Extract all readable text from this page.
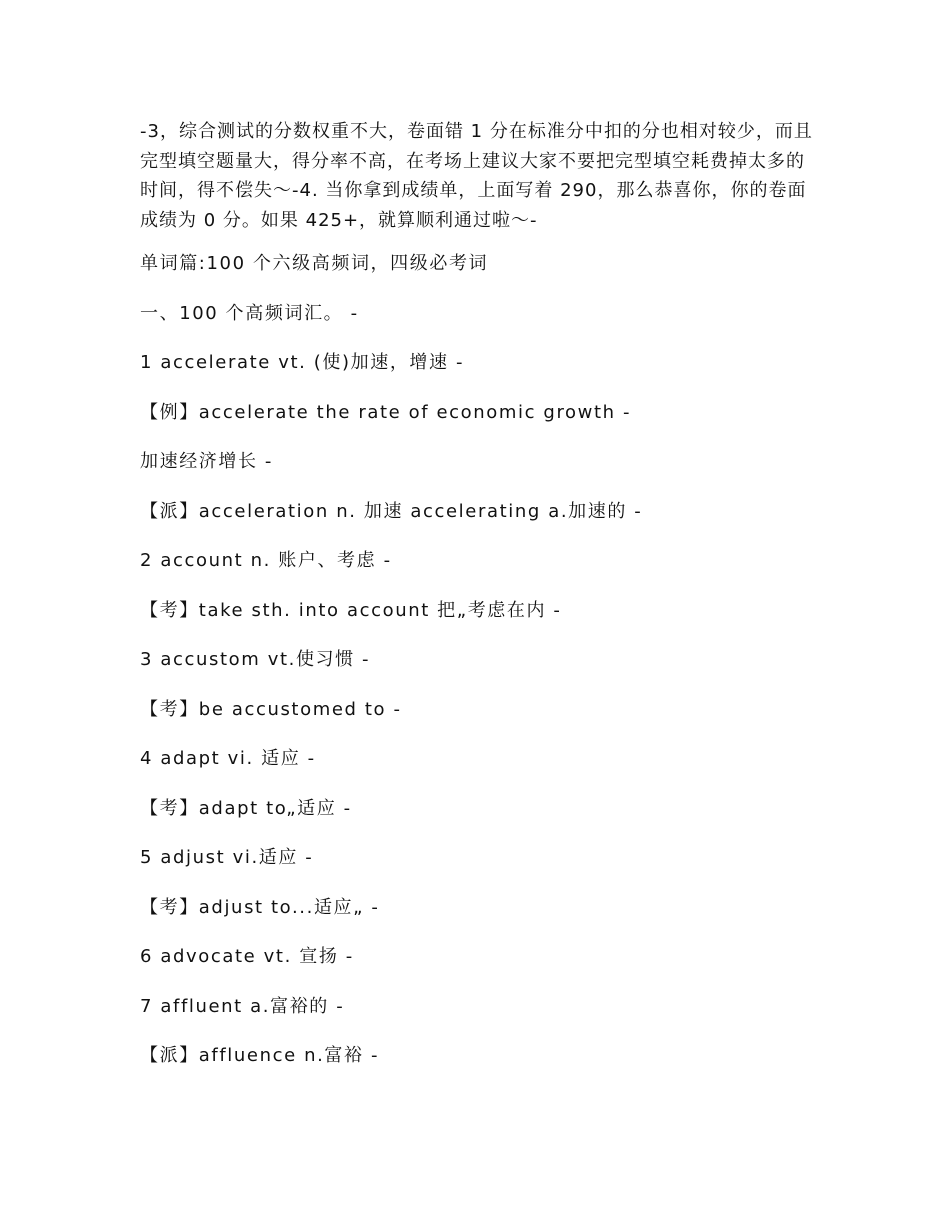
-3，综合测试的分数权重不大，卷面错 1 分在标准分中扣的分也相对较少，而且完型填空题量大，得分率不高，在考场上建议大家不要把完型填空耗费掉太多的时间，得不偿失～-4. 当你拿到成绩单，上面写着 290，那么恭喜你，你的卷面成绩为 0 分。如果 425+，就算顺利通过啦～-

单词篇:100 个六级高频词，四级必考词
一、100 个高频词汇。 -
1 accelerate vt. (使)加速，增速 -
【例】accelerate the rate of economic growth -
加速经济增长 -
【派】acceleration n. 加速 accelerating a.加速的 -
2 account n. 账户、考虑 -
【考】take sth. into account 把„考虑在内 -
3 accustom vt.使习惯 -
【考】be accustomed to -
4 adapt vi. 适应 -
【考】adapt to„适应 -
5 adjust vi.适应 -
【考】adjust to...适应„ -
6 advocate vt. 宣扬 -
7 affluent a.富裕的 -
【派】affluence n.富裕 -
